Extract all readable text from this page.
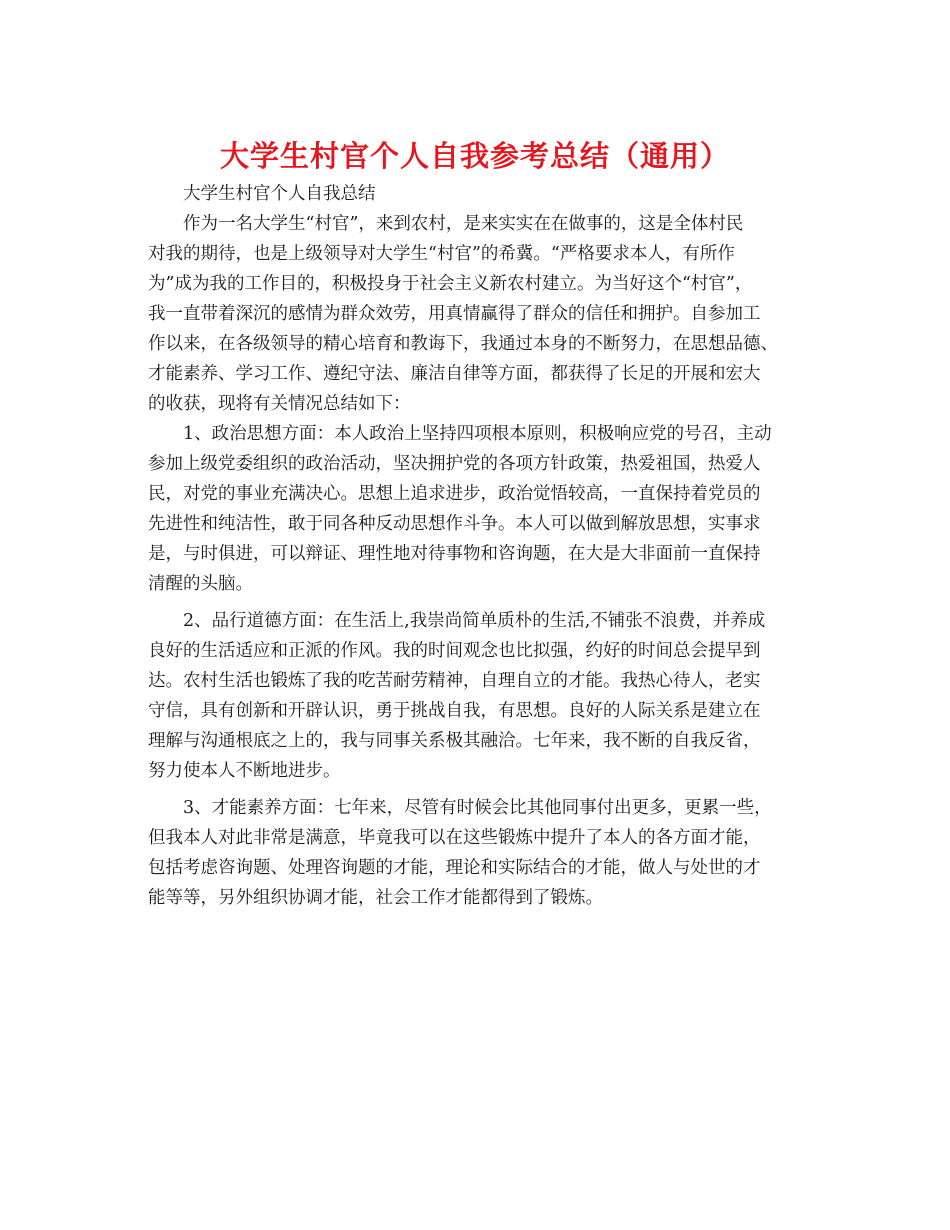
大学生村官个人自我参考总结（通用）
大学生村官个人自我总结
作为一名大学生“村官”，来到农村，是来实实在在做事的，这是全体村民
对我的期待，也是上级领导对大学生“村官”的希冀。“严格要求本人，有所作
为”成为我的工作目的，积极投身于社会主义新农村建立。为当好这个“村官”，
我一直带着深沉的感情为群众效劳，用真情赢得了群众的信任和拥护。自参加工
作以来，在各级领导的精心培育和教诲下，我通过本身的不断努力，在思想品德、
才能素养、学习工作、遵纪守法、廉洁自律等方面，都获得了长足的开展和宏大
的收获，现将有关情况总结如下：
1、政治思想方面：本人政治上坚持四项根本原则，积极响应党的号召，主动
参加上级党委组织的政治活动，坚决拥护党的各项方针政策，热爱祖国，热爱人
民，对党的事业充满决心。思想上追求进步，政治觉悟较高，一直保持着党员的
先进性和纯洁性，敢于同各种反动思想作斗争。本人可以做到解放思想，实事求
是，与时俱进，可以辩证、理性地对待事物和咨询题，在大是大非面前一直保持
清醒的头脑。
2、品行道德方面：在生活上,我崇尚简单质朴的生活,不铺张不浪费，并养成
良好的生活适应和正派的作风。我的时间观念也比拟强，约好的时间总会提早到
达。农村生活也锻炼了我的吃苦耐劳精神，自理自立的才能。我热心待人，老实
守信，具有创新和开辟认识，勇于挑战自我，有思想。良好的人际关系是建立在
理解与沟通根底之上的，我与同事关系极其融洽。七年来，我不断的自我反省，
努力使本人不断地进步。
3、才能素养方面：七年来，尽管有时候会比其他同事付出更多，更累一些，
但我本人对此非常是满意，毕竟我可以在这些锻炼中提升了本人的各方面才能，
包括考虑咨询题、处理咨询题的才能，理论和实际结合的才能，做人与处世的才
能等等，另外组织协调才能，社会工作才能都得到了锻炼。
